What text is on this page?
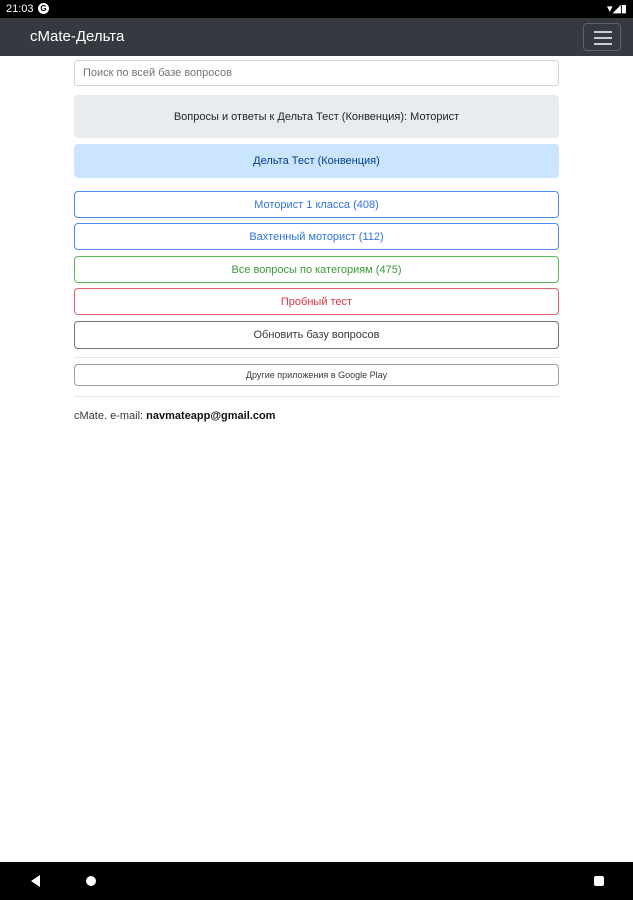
21:03 G	▾◢▮
cMate-Дельта
Поиск по всей базе вопросов
Вопросы и ответы к Дельта Тест (Конвенция): Моторист
Дельта Тест (Конвенция)
Моторист 1 класса (408)
Вахтенный моторист (112)
Все вопросы по категориям (475)
Пробный тест
Обновить базу вопросов
Другие приложения в Google Play
cMate. e-mail: navmateapp@gmail.com
